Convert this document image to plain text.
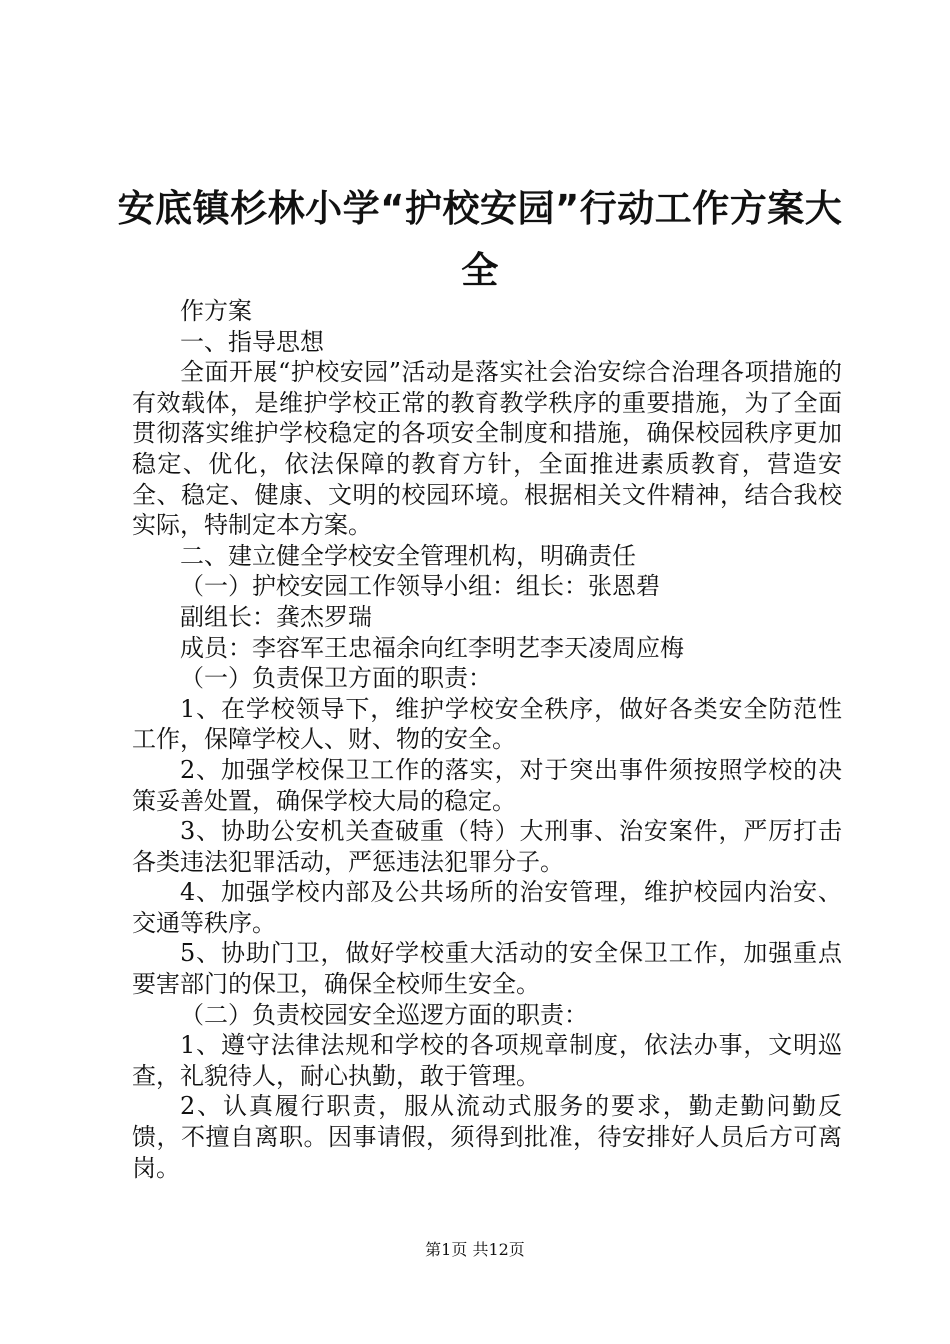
安底镇杉林小学“护校安园”行动工作方案大全

作方案

一、指导思想

全面开展“护校安园”活动是落实社会治安综合治理各项措施的有效载体，是维护学校正常的教育教学秩序的重要措施，为了全面贯彻落实维护学校稳定的各项安全制度和措施，确保校园秩序更加稳定、优化，依法保障的教育方针，全面推进素质教育，营造安全、稳定、健康、文明的校园环境。根据相关文件精神，结合我校实际，特制定本方案。

二、建立健全学校安全管理机构，明确责任

（一）护校安园工作领导小组：组长：张恩碧

副组长：龚杰罗瑞

成员：李容军王忠福余向红李明艺李天凌周应梅

（一）负责保卫方面的职责：

1、在学校领导下，维护学校安全秩序，做好各类安全防范性工作，保障学校人、财、物的安全。

2、加强学校保卫工作的落实，对于突出事件须按照学校的决策妥善处置，确保学校大局的稳定。

3、协助公安机关查破重（特）大刑事、治安案件，严厉打击各类违法犯罪活动，严惩违法犯罪分子。

4、加强学校内部及公共场所的治安管理，维护校园内治安、交通等秩序。

5、协助门卫，做好学校重大活动的安全保卫工作，加强重点要害部门的保卫，确保全校师生安全。

（二）负责校园安全巡逻方面的职责：

1、遵守法律法规和学校的各项规章制度，依法办事，文明巡查，礼貌待人，耐心执勤，敢于管理。

2、认真履行职责，服从流动式服务的要求，勤走勤问勤反馈，不擅自离职。因事请假，须得到批准，待安排好人员后方可离岗。

第1页 共12页
